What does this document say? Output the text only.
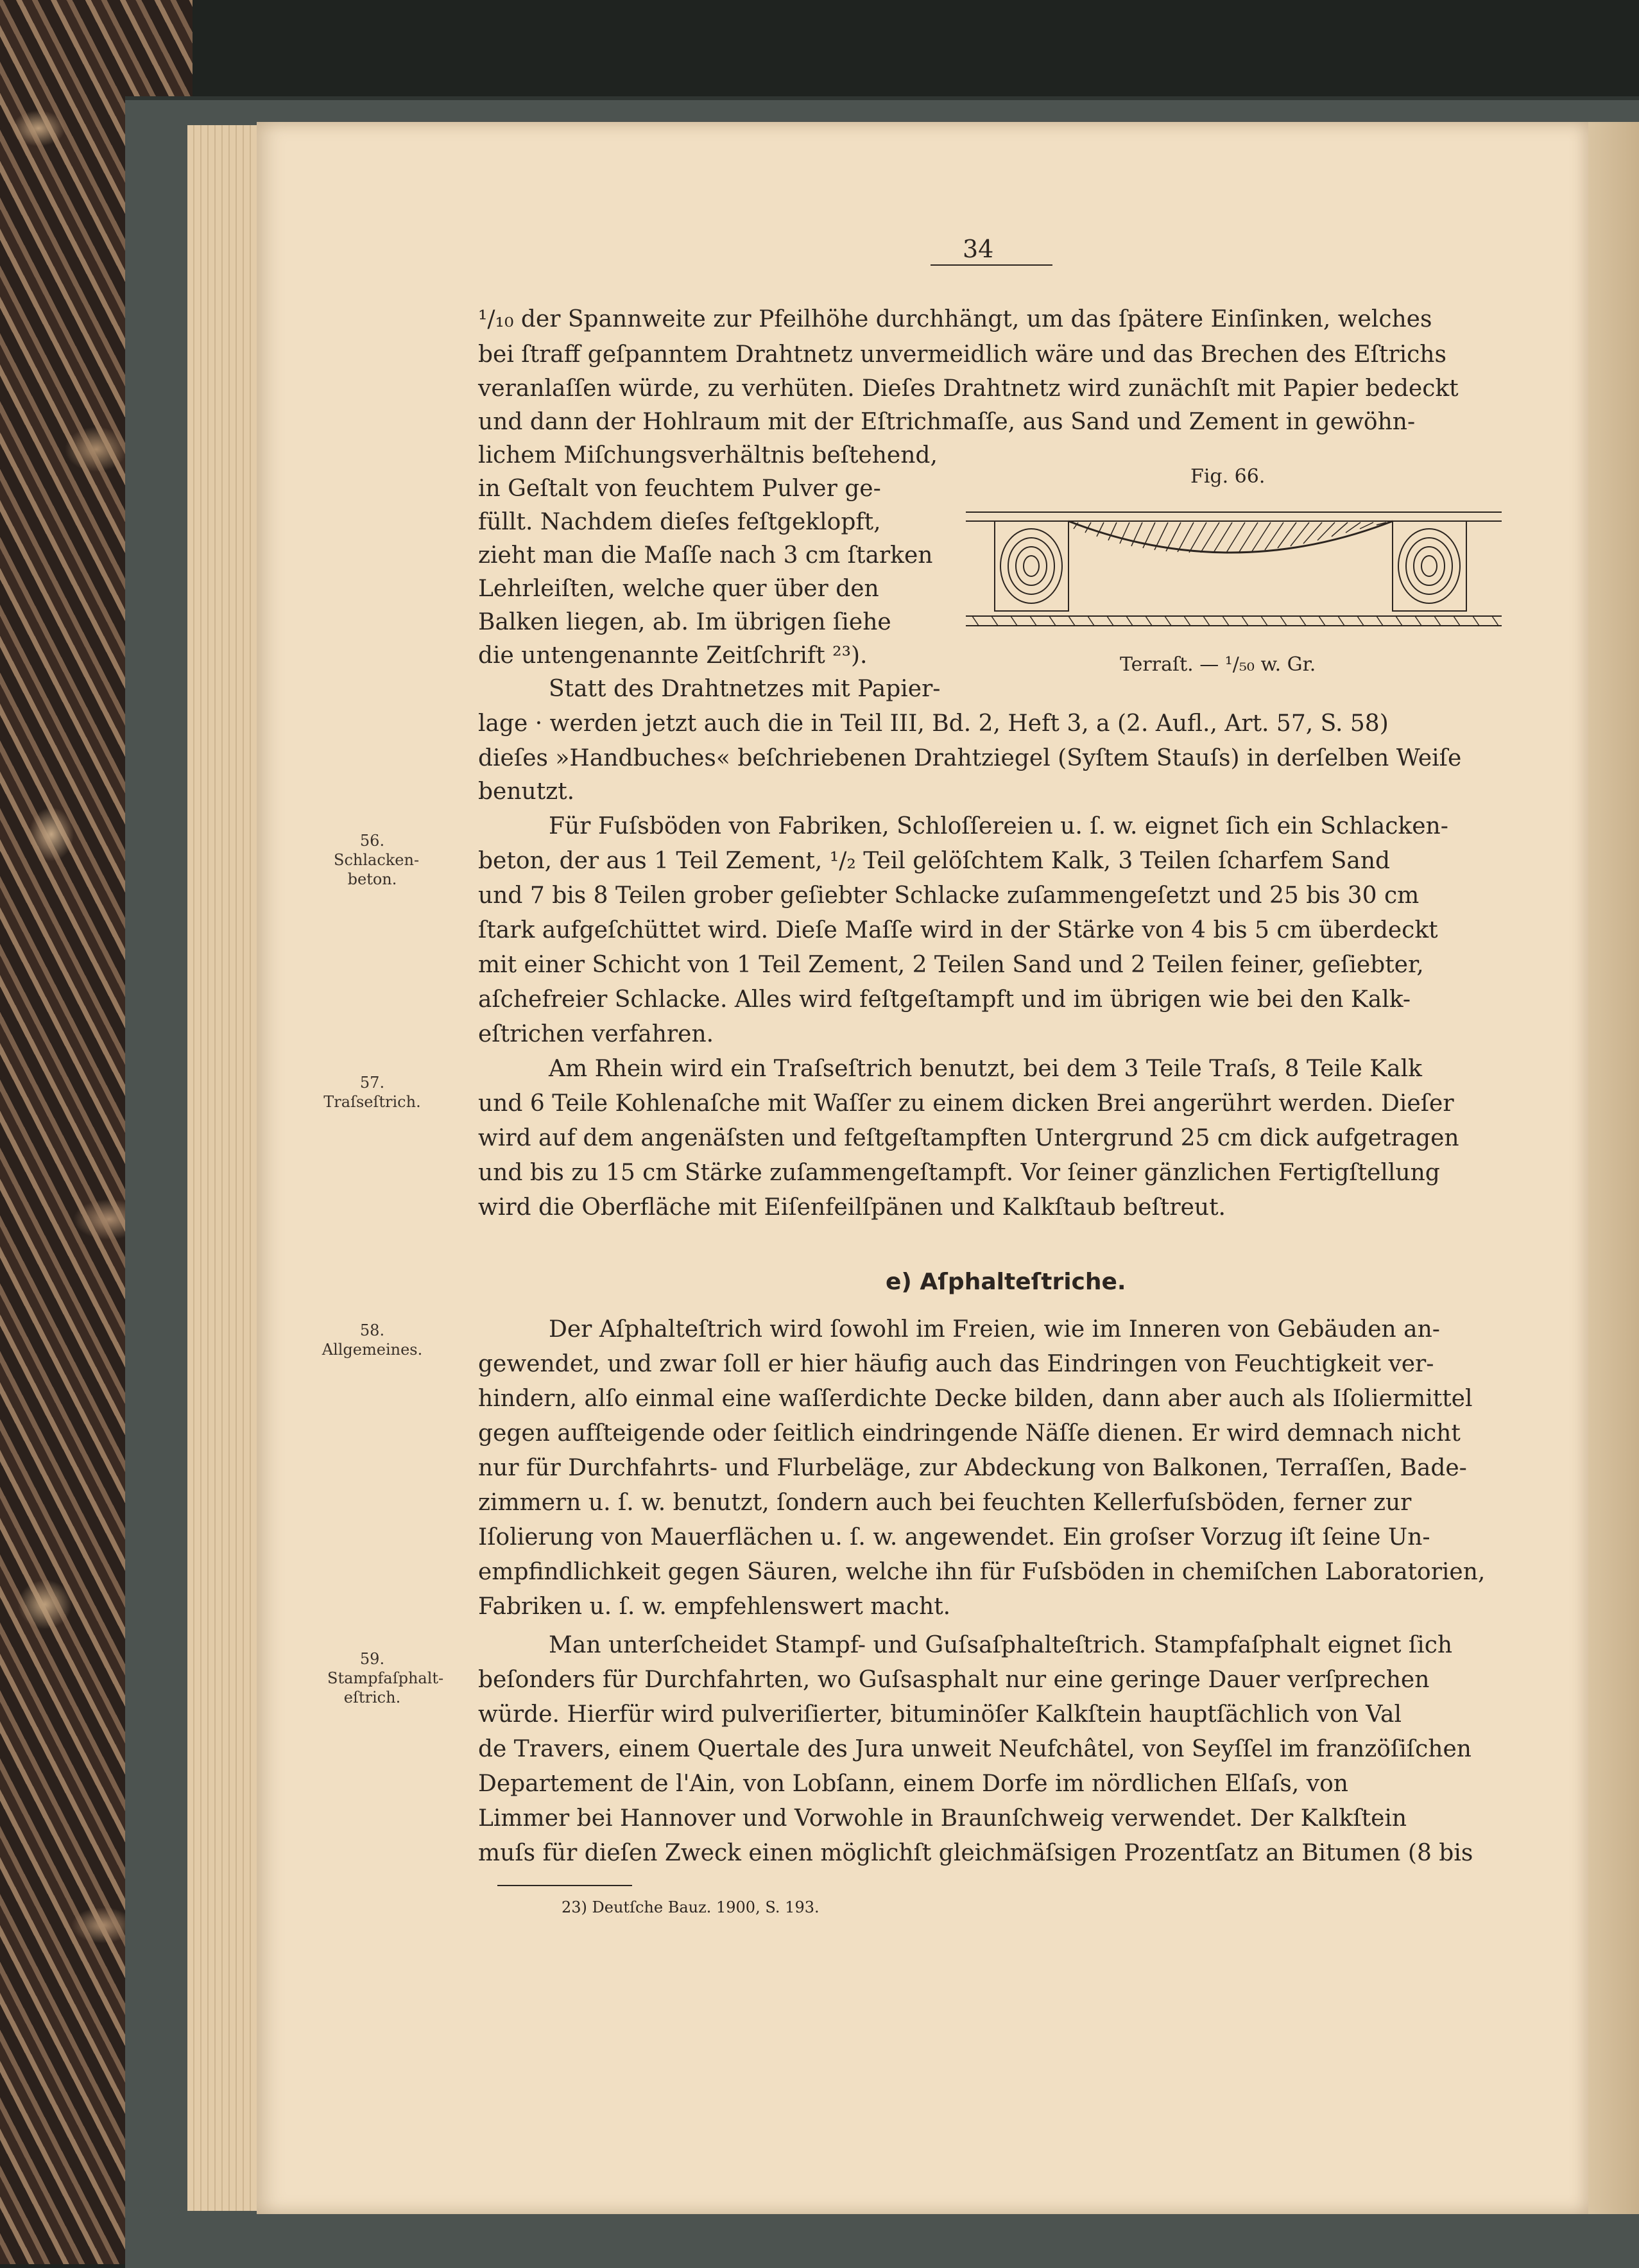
34
¹/₁₀ der Spannweite zur Pfeilhöhe durchhängt, um das ſpätere Einſinken, welches
bei ſtraff geſpanntem Drahtnetz unvermeidlich wäre und das Brechen des Eſtrichs
veranlaſſen würde, zu verhüten. Dieſes Drahtnetz wird zunächſt mit Papier bedeckt
und dann der Hohlraum mit der Eſtrichmaſſe, aus Sand und Zement in gewöhn-
lichem Miſchungsverhältnis beſtehend,
in Geſtalt von feuchtem Pulver ge-
füllt. Nachdem dieſes feſtgeklopft,
zieht man die Maſſe nach 3 cm ſtarken
Lehrleiſten, welche quer über den
Balken liegen, ab. Im übrigen ſiehe
die untengenannte Zeitſchrift ²³).
Fig. 66.
Terraſt. — ¹/₅₀ w. Gr.
Statt des Drahtnetzes mit Papier-
lage · werden jetzt auch die in Teil III, Bd. 2, Heft 3, a (2. Aufl., Art. 57, S. 58)
dieſes »Handbuches« beſchriebenen Drahtziegel (Syſtem Stauſs) in derſelben Weiſe
benutzt.
56.
Schlacken-beton.
Für Fuſsböden von Fabriken, Schloſſereien u. ſ. w. eignet ſich ein Schlacken-
beton, der aus 1 Teil Zement, ¹/₂ Teil gelöſchtem Kalk, 3 Teilen ſcharfem Sand
und 7 bis 8 Teilen grober geſiebter Schlacke zuſammengeſetzt und 25 bis 30 cm
ſtark aufgeſchüttet wird. Dieſe Maſſe wird in der Stärke von 4 bis 5 cm überdeckt
mit einer Schicht von 1 Teil Zement, 2 Teilen Sand und 2 Teilen feiner, geſiebter,
aſchefreier Schlacke. Alles wird feſtgeſtampft und im übrigen wie bei den Kalk-
eſtrichen verfahren.
57.
Traſseſtrich.
Am Rhein wird ein Traſseſtrich benutzt, bei dem 3 Teile Traſs, 8 Teile Kalk
und 6 Teile Kohlenaſche mit Waſſer zu einem dicken Brei angerührt werden. Dieſer
wird auf dem angenäſsten und feſtgeſtampften Untergrund 25 cm dick aufgetragen
und bis zu 15 cm Stärke zuſammengeſtampft. Vor ſeiner gänzlichen Fertigſtellung
wird die Oberfläche mit Eiſenfeilſpänen und Kalkſtaub beſtreut.
e) Aſphalteſtriche.
58.
Allgemeines.
Der Aſphalteſtrich wird ſowohl im Freien, wie im Inneren von Gebäuden an-
gewendet, und zwar ſoll er hier häufig auch das Eindringen von Feuchtigkeit ver-
hindern, alſo einmal eine waſſerdichte Decke bilden, dann aber auch als Iſoliermittel
gegen aufſteigende oder ſeitlich eindringende Näſſe dienen. Er wird demnach nicht
nur für Durchfahrts- und Flurbeläge, zur Abdeckung von Balkonen, Terraſſen, Bade-
zimmern u. ſ. w. benutzt, ſondern auch bei feuchten Kellerfuſsböden, ferner zur
Iſolierung von Mauerflächen u. ſ. w. angewendet. Ein groſser Vorzug iſt ſeine Un-
empfindlichkeit gegen Säuren, welche ihn für Fuſsböden in chemiſchen Laboratorien,
Fabriken u. ſ. w. empfehlenswert macht.
59.
Stampfaſphalt-eſtrich.
Man unterſcheidet Stampf- und Guſsaſphalteſtrich. Stampfaſphalt eignet ſich
beſonders für Durchfahrten, wo Guſsasphalt nur eine geringe Dauer verſprechen
würde. Hierfür wird pulveriſierter, bituminöſer Kalkſtein hauptſächlich von Val
de Travers, einem Quertale des Jura unweit Neufchâtel, von Seyſſel im franzöſiſchen
Departement de l'Ain, von Lobſann, einem Dorfe im nördlichen Elſaſs, von
Limmer bei Hannover und Vorwohle in Braunſchweig verwendet. Der Kalkſtein
muſs für dieſen Zweck einen möglichſt gleichmäſsigen Prozentſatz an Bitumen (8 bis
23) Deutſche Bauz. 1900, S. 193.
